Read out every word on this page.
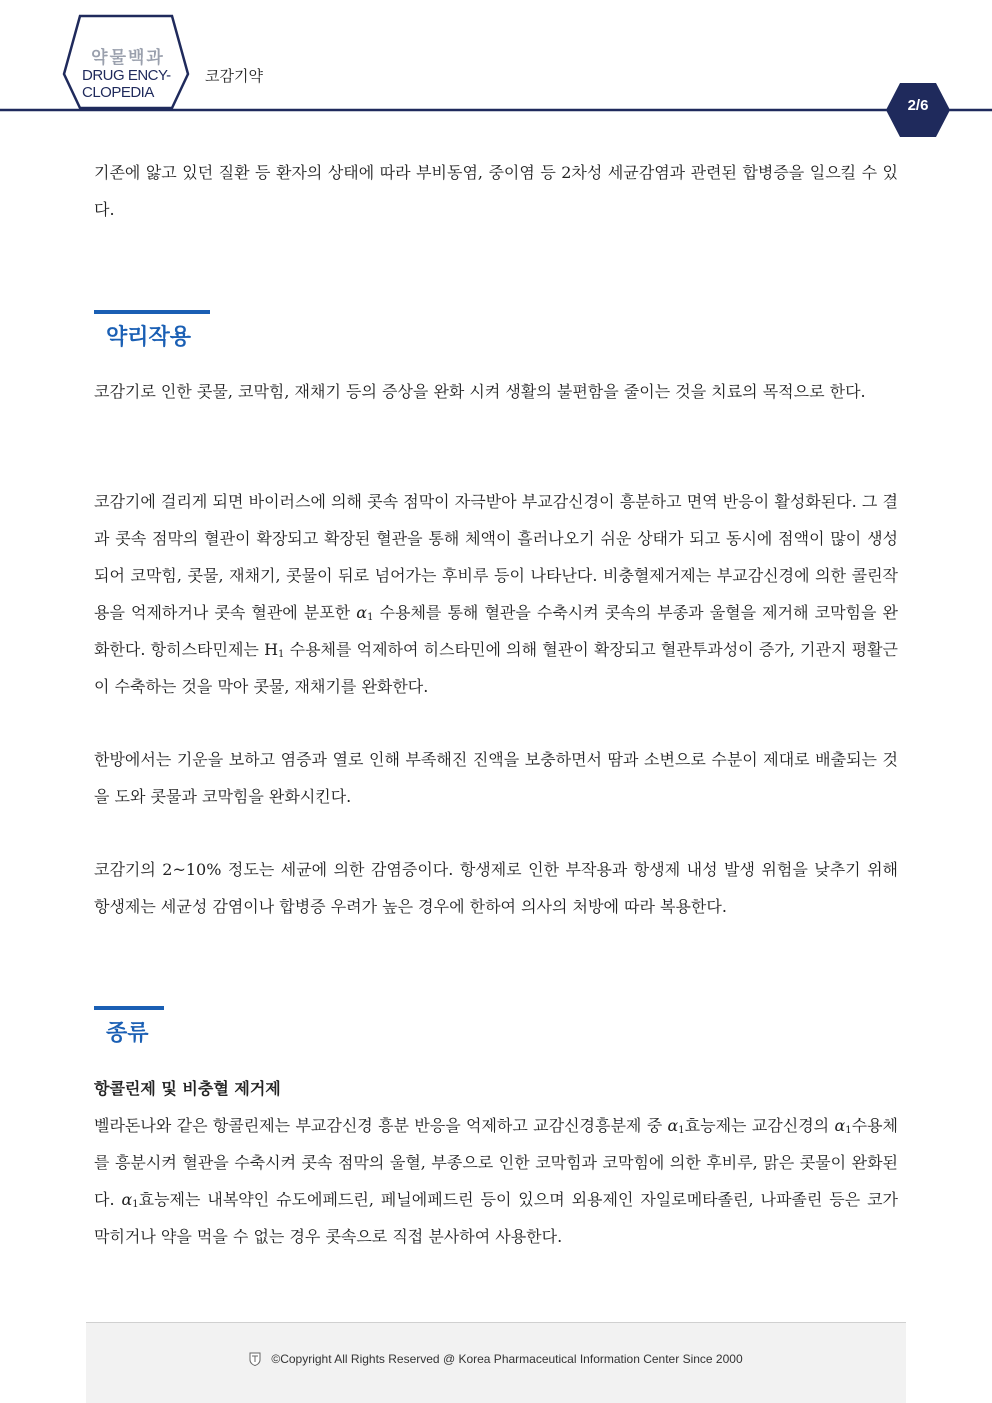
약물백과
DRUG ENCY-
CLOPEDIA
코감기약
2/6
기존에 앓고 있던 질환 등 환자의 상태에 따라 부비동염, 중이염 등 2차성 세균감염과 관련된 합병증을 일으킬 수 있다.
약리작용
코감기로 인한 콧물, 코막힘, 재채기 등의 증상을 완화 시켜 생활의 불편함을 줄이는 것을 치료의 목적으로 한다.
코감기에 걸리게 되면 바이러스에 의해 콧속 점막이 자극받아 부교감신경이 흥분하고 면역 반응이 활성화된다. 그 결과 콧속 점막의 혈관이 확장되고 확장된 혈관을 통해 체액이 흘러나오기 쉬운 상태가 되고 동시에 점액이 많이 생성되어 코막힘, 콧물, 재채기, 콧물이 뒤로 넘어가는 후비루 등이 나타난다. 비충혈제거제는 부교감신경에 의한 콜린작용을 억제하거나 콧속 혈관에 분포한 $\alpha_1$ 수용체를 통해 혈관을 수축시켜 콧속의 부종과 울혈을 제거해 코막힘을 완화한다. 항히스타민제는 $H_1$ 수용체를 억제하여 히스타민에 의해 혈관이 확장되고 혈관투과성이 증가, 기관지 평활근이 수축하는 것을 막아 콧물, 재채기를 완화한다.
한방에서는 기운을 보하고 염증과 열로 인해 부족해진 진액을 보충하면서 땀과 소변으로 수분이 제대로 배출되는 것을 도와 콧물과 코막힘을 완화시킨다.
코감기의 2~10% 정도는 세균에 의한 감염증이다. 항생제로 인한 부작용과 항생제 내성 발생 위험을 낮추기 위해 항생제는 세균성 감염이나 합병증 우려가 높은 경우에 한하여 의사의 처방에 따라 복용한다.
종류
항콜린제 및 비충혈 제거제
벨라돈나와 같은 항콜린제는 부교감신경 흥분 반응을 억제하고 교감신경흥분제 중 $\alpha_1$효능제는 교감신경의 $\alpha_1$수용체를 흥분시켜 혈관을 수축시켜 콧속 점막의 울혈, 부종으로 인한 코막힘과 코막힘에 의한 후비루, 맑은 콧물이 완화된다. $\alpha_1$효능제는 내복약인 슈도에페드린, 페닐에페드린 등이 있으며 외용제인 자일로메타졸린, 나파졸린 등은 코가 막히거나 약을 먹을 수 없는 경우 콧속으로 직접 분사하여 사용한다.
©Copyright All Rights Reserved @ Korea Pharmaceutical Information Center Since 2000
